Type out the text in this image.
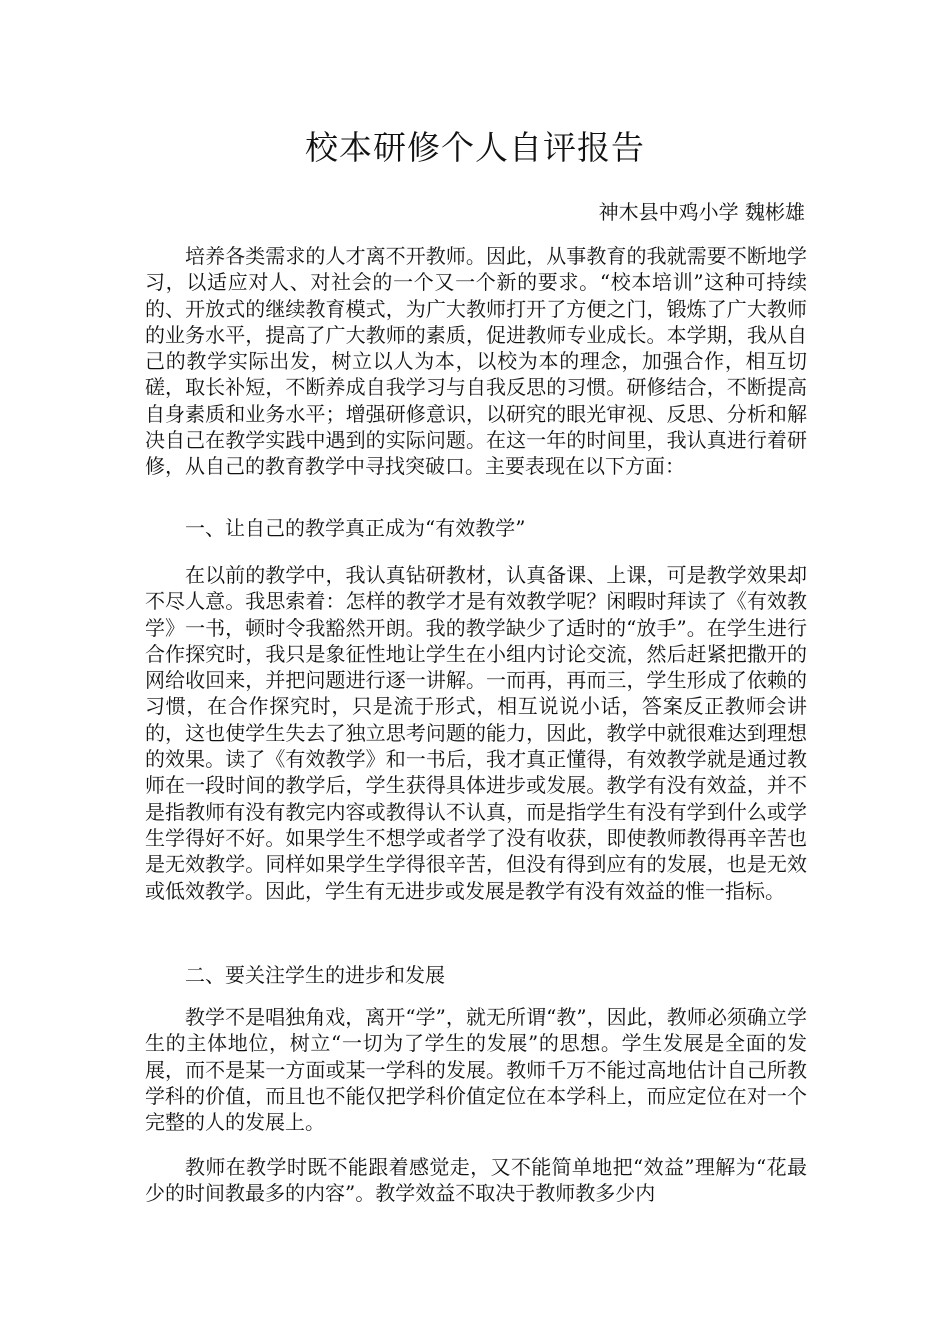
校本研修个人自评报告

神木县中鸡小学 魏彬雄

培养各类需求的人才离不开教师。因此，从事教育的我就需要不断地学习，以适应对人、对社会的一个又一个新的要求。“校本培训”这种可持续的、开放式的继续教育模式，为广大教师打开了方便之门，锻炼了广大教师的业务水平，提高了广大教师的素质，促进教师专业成长。本学期，我从自己的教学实际出发，树立以人为本，以校为本的理念，加强合作，相互切磋，取长补短，不断养成自我学习与自我反思的习惯。研修结合，不断提高自身素质和业务水平；增强研修意识，以研究的眼光审视、反思、分析和解决自己在教学实践中遇到的实际问题。在这一年的时间里，我认真进行着研修，从自己的教育教学中寻找突破口。主要表现在以下方面：

一、让自己的教学真正成为“有效教学”

在以前的教学中，我认真钻研教材，认真备课、上课，可是教学效果却不尽人意。我思索着：怎样的教学才是有效教学呢？闲暇时拜读了《有效教学》一书，顿时令我豁然开朗。我的教学缺少了适时的“放手”。在学生进行合作探究时，我只是象征性地让学生在小组内讨论交流，然后赶紧把撒开的网给收回来，并把问题进行逐一讲解。一而再，再而三，学生形成了依赖的习惯，在合作探究时，只是流于形式，相互说说小话，答案反正教师会讲的，这也使学生失去了独立思考问题的能力，因此，教学中就很难达到理想的效果。读了《有效教学》和一书后，我才真正懂得，有效教学就是通过教师在一段时间的教学后，学生获得具体进步或发展。教学有没有效益，并不是指教师有没有教完内容或教得认不认真，而是指学生有没有学到什么或学生学得好不好。如果学生不想学或者学了没有收获，即使教师教得再辛苦也是无效教学。同样如果学生学得很辛苦，但没有得到应有的发展，也是无效或低效教学。因此，学生有无进步或发展是教学有没有效益的惟一指标。

二、要关注学生的进步和发展

教学不是唱独角戏，离开“学”，就无所谓“教”，因此，教师必须确立学生的主体地位，树立“一切为了学生的发展”的思想。学生发展是全面的发展，而不是某一方面或某一学科的发展。教师千万不能过高地估计自己所教学科的价值，而且也不能仅把学科价值定位在本学科上，而应定位在对一个完整的人的发展上。

教师在教学时既不能跟着感觉走，又不能简单地把“效益”理解为“花最少的时间教最多的内容”。教学效益不取决于教师教多少内
